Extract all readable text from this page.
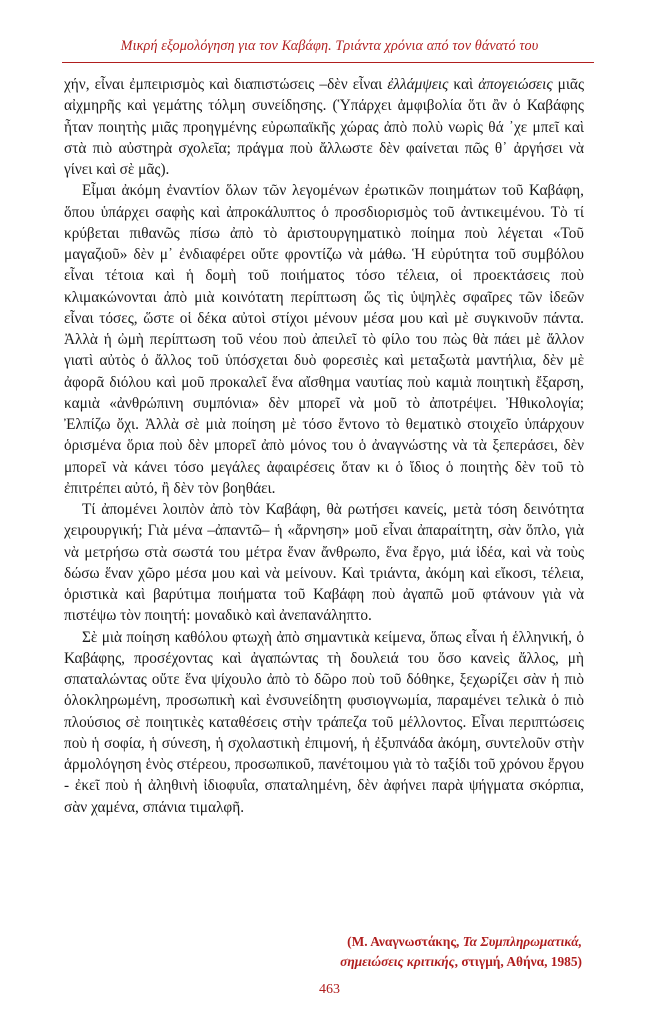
Μικρή εξομολόγηση για τον Καβάφη. Τριάντα χρόνια από τον θάνατό του

χήν, εἶναι ἐμπειρισμὸς καὶ διαπιστώσεις –δὲν εἶναι ἐλλάμψεις καὶ ἀπογειώσεις μιᾶς αἰχμηρῆς καὶ γεμάτης τόλμη συνείδησης. (Ὑπάρχει ἀμφιβολία ὅτι ἂν ὁ Καβάφης ἦταν ποιητὴς μιᾶς προηγμένης εὐρωπαϊκῆς χώρας ἀπὸ πολὺ νωρὶς θά ᾽χε μπεῖ καὶ στὰ πιὸ αὐστηρὰ σχολεῖα; πράγμα ποὺ ἄλλωστε δὲν φαίνεται πῶς θ᾽ ἀργήσει νὰ γίνει καὶ σὲ μᾶς).

Εἶμαι ἀκόμη ἐναντίον ὅλων τῶν λεγομένων ἐρωτικῶν ποιημάτων τοῦ Καβάφη, ὅπου ὑπάρχει σαφὴς καὶ ἀπροκάλυπτος ὁ προσδιορισμὸς τοῦ ἀντικειμένου. Τὸ τί κρύβεται πιθανῶς πίσω ἀπὸ τὸ ἀριστουργηματικὸ ποίημα ποὺ λέγεται «Τοῦ μαγαζιοῦ» δὲν μ᾽ ἐνδιαφέρει οὔτε φροντίζω νὰ μάθω. Ἡ εὐρύτητα τοῦ συμβόλου εἶναι τέτοια καὶ ἡ δομὴ τοῦ ποιήματος τόσο τέλεια, οἱ προεκτάσεις ποὺ κλιμακώνονται ἀπὸ μιὰ κοινότατη περίπτωση ὥς τὶς ὑψηλὲς σφαῖρες τῶν ἰδεῶν εἶναι τόσες, ὥστε οἱ δέκα αὐτοὶ στίχοι μένουν μέσα μου καὶ μὲ συγκινοῦν πάντα. Ἀλλὰ ἡ ὠμὴ περίπτωση τοῦ νέου ποὺ ἀπειλεῖ τὸ φίλο του πὼς θὰ πάει μὲ ἄλλον γιατὶ αὐτὸς ὁ ἄλλος τοῦ ὑπόσχεται δυὸ φορεσιὲς καὶ μεταξωτὰ μαντήλια, δὲν μὲ ἀφορᾶ διόλου καὶ μοῦ προκαλεῖ ἕνα αἴσθημα ναυτίας ποὺ καμιὰ ποιητικὴ ἔξαρση, καμιὰ «ἀνθρώπινη συμπόνια» δὲν μπορεῖ νὰ μοῦ τὸ ἀποτρέψει. Ἠθικολογία; Ἐλπίζω ὄχι. Ἀλλὰ σὲ μιὰ ποίηση μὲ τόσο ἔντονο τὸ θεματικὸ στοιχεῖο ὑπάρχουν ὁρισμένα ὅρια ποὺ δὲν μπορεῖ ἀπὸ μόνος του ὁ ἀναγνώστης νὰ τὰ ξεπεράσει, δὲν μπορεῖ νὰ κάνει τόσο μεγάλες ἀφαιρέσεις ὅταν κι ὁ ἴδιος ὁ ποιητὴς δὲν τοῦ τὸ ἐπιτρέπει αὐτό, ἢ δὲν τὸν βοηθάει.

Τί ἀπομένει λοιπὸν ἀπὸ τὸν Καβάφη, θὰ ρωτήσει κανείς, μετὰ τόση δεινότητα χειρουργική; Γιὰ μένα –ἀπαντῶ– ἡ «ἄρνηση» μοῦ εἶναι ἀπαραίτητη, σὰν ὅπλο, γιὰ νὰ μετρήσω στὰ σωστά του μέτρα ἕναν ἄνθρωπο, ἕνα ἔργο, μιά ἰδέα, καὶ νὰ τοὺς δώσω ἕναν χῶρο μέσα μου καὶ νὰ μείνουν. Καὶ τριάντα, ἀκόμη καὶ εἴκοσι, τέλεια, ὁριστικὰ καὶ βαρύτιμα ποιήματα τοῦ Καβάφη ποὺ ἀγαπῶ μοῦ φτάνουν γιὰ νὰ πιστέψω τὸν ποιητή: μοναδικὸ καὶ ἀνεπανάληπτο.

Σὲ μιὰ ποίηση καθόλου φτωχὴ ἀπὸ σημαντικὰ κείμενα, ὅπως εἶναι ἡ ἑλληνική, ὁ Καβάφης, προσέχοντας καὶ ἀγαπώντας τὴ δουλειά του ὅσο κανεὶς ἄλλος, μὴ σπαταλώντας οὔτε ἕνα ψίχουλο ἀπὸ τὸ δῶρο ποὺ τοῦ δόθηκε, ξεχωρίζει σὰν ἡ πιὸ ὁλοκληρωμένη, προσωπικὴ καὶ ἐνσυνείδητη φυσιογνωμία, παραμένει τελικὰ ὁ πιὸ πλούσιος σὲ ποιητικὲς καταθέσεις στὴν τράπεζα τοῦ μέλλοντος. Εἶναι περιπτώσεις ποὺ ἡ σοφία, ἡ σύνεση, ἡ σχολαστικὴ ἐπιμονή, ἡ ἐξυπνάδα ἀκόμη, συντελοῦν στὴν ἁρμολόγηση ἑνὸς στέρεου, προσωπικοῦ, πανέτοιμου γιὰ τὸ ταξίδι τοῦ χρόνου ἔργου - ἐκεῖ ποὺ ἡ ἀληθινὴ ἰδιοφυΐα, σπαταλημένη, δὲν ἀφήνει παρὰ ψήγματα σκόρπια, σὰν χαμένα, σπάνια τιμαλφῆ.

(Μ. Αναγνωστάκης, Τα Συμπληρωματικά,
σημειώσεις κριτικής, στιγμή, Αθήνα, 1985)
463
